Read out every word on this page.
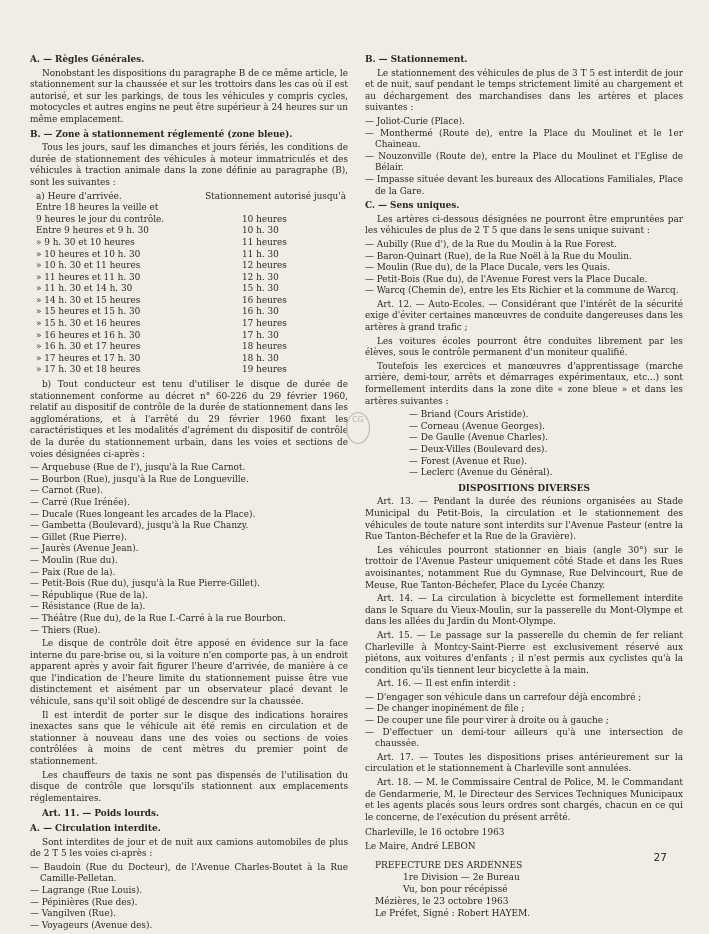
A. — Règles Générales.

Nonobstant les dispositions du paragraphe B de ce même article, le stationnement sur la chaussée et sur les trottoirs dans les cas où il est autorisé, et sur les parkings, de tous les véhicules y compris cycles, motocycles et autres engins ne peut être supérieur à 24 heures sur un même emplacement.

B. — Zone à stationnement réglementé (zone bleue).

Tous les jours, sauf les dimanches et jours fériés, les conditions de durée de stationnement des véhicules à moteur immatriculés et des véhicules à traction animale dans la zone définie au paragraphe (B), sont les suivantes :

a) Heure d'arrivée.	Stationnement autorisé jusqu'à
Entre 18 heures la veille et
9 heures le jour du contrôle.	10 heures
Entre 9 heures et 9 h. 30	10 h. 30
» 9 h. 30 et 10 heures	11 heures
» 10 heures et 10 h. 30	11 h. 30
» 10 h. 30 et 11 heures	12 heures
» 11 heures et 11 h. 30	12 h. 30
» 11 h. 30 et 14 h. 30	15 h. 30
» 14 h. 30 et 15 heures	16 heures
» 15 heures et 15 h. 30	16 h. 30
» 15 h. 30 et 16 heures	17 heures
» 16 heures et 16 h. 30	17 h. 30
» 16 h. 30 et 17 heures	18 heures
» 17 heures et 17 h. 30	18 h. 30
» 17 h. 30 et 18 heures	19 heures

b) Tout conducteur est tenu d'utiliser le disque de durée de stationnement conforme au décret n° 60-226 du 29 février 1960, relatif au dispositif de contrôle de la durée de stationnement dans les agglomérations, et à l'arrêté du 29 février 1960 fixant les caractéristiques et les modalités d'agrément du dispositif de contrôle de la durée du stationnement urbain, dans les voies et sections de voies désignées ci-après :

— Arquebuse (Rue de l'), jusqu'à la Rue Carnot.
— Bourbon (Rue), jusqu'à la Rue de Longueville.
— Carnot (Rue).
— Carré (Rue Irénée).
— Ducale (Rues longeant les arcades de la Place).
— Gambetta (Boulevard), jusqu'à la Rue Chanzy.
— Gillet (Rue Pierre).
— Jaurès (Avenue Jean).
— Moulin (Rue du).
— Paix (Rue de la).
— Petit-Bois (Rue du), jusqu'à la Rue Pierre-Gillet).
— République (Rue de la).
— Résistance (Rue de la).
— Théâtre (Rue du), de la Rue I.-Carré à la rue Bourbon.
— Thiers (Rue).

Le disque de contrôle doit être apposé en évidence sur la face interne du pare-brise ou, si la voiture n'en comporte pas, à un endroit apparent après y avoir fait figurer l'heure d'arrivée, de manière à ce que l'indication de l'heure limite du stationnement puisse être vue distinctement et aisément par un observateur placé devant le véhicule, sans qu'il soit obligé de descendre sur la chaussée.

Il est interdit de porter sur le disque des indications horaires inexactes sans que le véhicule ait été remis en circulation et de stationner à nouveau dans une des voies ou sections de voies contrôlées à moins de cent mètres du premier point de stationnement.

Les chauffeurs de taxis ne sont pas dispensés de l'utilisation du disque de contrôle que lorsqu'ils stationnent aux emplacements réglementaires.

Art. 11. — Poids lourds.

A. — Circulation interdite.

Sont interdites de jour et de nuit aux camions automobiles de plus de 2 T 5 les voies ci-après :

— Baudoin (Rue du Docteur), de l'Avenue Charles-Boutet à la Rue Camille-Pelletan.
— Lagrange (Rue Louis).
— Pépinières (Rue des).
— Vangilven (Rue).
— Voyageurs (Avenue des).
CG

B. — Stationnement.

Le stationnement des véhicules de plus de 3 T 5 est interdit de jour et de nuit, sauf pendant le temps strictement limité au chargement et au déchargement des marchandises dans les artères et places suivantes :

— Joliot-Curie (Place).
— Monthermé (Route de), entre la Place du Moulinet et le 1er Chaineau.
— Nouzonville (Route de), entre la Place du Moulinet et l'Eglise de Bélair.
— Impasse située devant les bureaux des Allocations Familiales, Place de la Gare.

C. — Sens uniques.

Les artères ci-dessous désignées ne pourront être empruntées par les véhicules de plus de 2 T 5 que dans le sens unique suivant :

— Aubilly (Rue d'), de la Rue du Moulin à la Rue Forest.
— Baron-Quinart (Rue), de la Rue Noël à la Rue du Moulin.
— Moulin (Rue du), de la Place Ducale, vers les Quais.
— Petit-Bois (Rue du), de l'Avenue Forest vers la Place Ducale.
— Warcq (Chemin de), entre les Ets Richier et la commune de Warcq.

Art. 12. — Auto-Ecoles. — Considérant que l'intérêt de la sécurité exige d'éviter certaines manœuvres de conduite dangereuses dans les artères à grand trafic ;

Les voitures écoles pourront être conduites librement par les élèves, sous le contrôle permanent d'un moniteur qualifié.

Toutefois les exercices et manœuvres d'apprentissage (marche arrière, demi-tour, arrêts et démarrages expérimentaux, etc...) sont formellement interdits dans la zone dite « zone bleue » et dans les artères suivantes :

— Briand (Cours Aristide).
— Corneau (Avenue Georges).
— De Gaulle (Avenue Charles).
— Deux-Villes (Boulevard des).
— Forest (Avenue et Rue).
— Leclerc (Avenue du Général).

DISPOSITIONS DIVERSES

Art. 13. — Pendant la durée des réunions organisées au Stade Municipal du Petit-Bois, la circulation et le stationnement des véhicules de toute nature sont interdits sur l'Avenue Pasteur (entre la Rue Tanton-Béchefer et la Rue de la Gravière).

Les véhicules pourront stationner en biais (angle 30°) sur le trottoir de l'Avenue Pasteur uniquement côté Stade et dans les Rues avoisinantes, notamment Rue du Gymnase, Rue Delvincourt, Rue de Meuse, Rue Tanton-Béchefer, Place du Lycée Chanzy.

Art. 14. — La circulation à bicyclette est formellement interdite dans le Square du Vieux-Moulin, sur la passerelle du Mont-Olympe et dans les allées du Jardin du Mont-Olympe.

Art. 15. — Le passage sur la passerelle du chemin de fer reliant Charleville à Montcy-Saint-Pierre est exclusivement réservé aux piétons, aux voitures d'enfants ; il n'est permis aux cyclistes qu'à la condition qu'ils tiennent leur bicyclette à la main.

Art. 16. — Il est enfin interdit :

— D'engager son véhicule dans un carrefour déjà encombré ;
— De changer inopinément de file ;
— De couper une file pour virer à droite ou à gauche ;
— D'effectuer un demi-tour ailleurs qu'à une intersection de chaussée.

Art. 17. — Toutes les dispositions prises antérieurement sur la circulation et le stationnement à Charleville sont annulées.

Art. 18. — M. le Commissaire Central de Police, M. le Commandant de Gendarmerie, M. le Directeur des Services Techniques Municipaux et les agents placés sous leurs ordres sont chargés, chacun en ce qui le concerne, de l'exécution du présent arrêté.

Charleville, le 16 octobre 1963

Le Maire, André LEBON

PREFECTURE DES ARDENNES
1re Division — 2e Bureau
Vu, bon pour récépissé
Mézières, le 23 octobre 1963
Le Préfet, Signé : Robert HAYEM.
27
